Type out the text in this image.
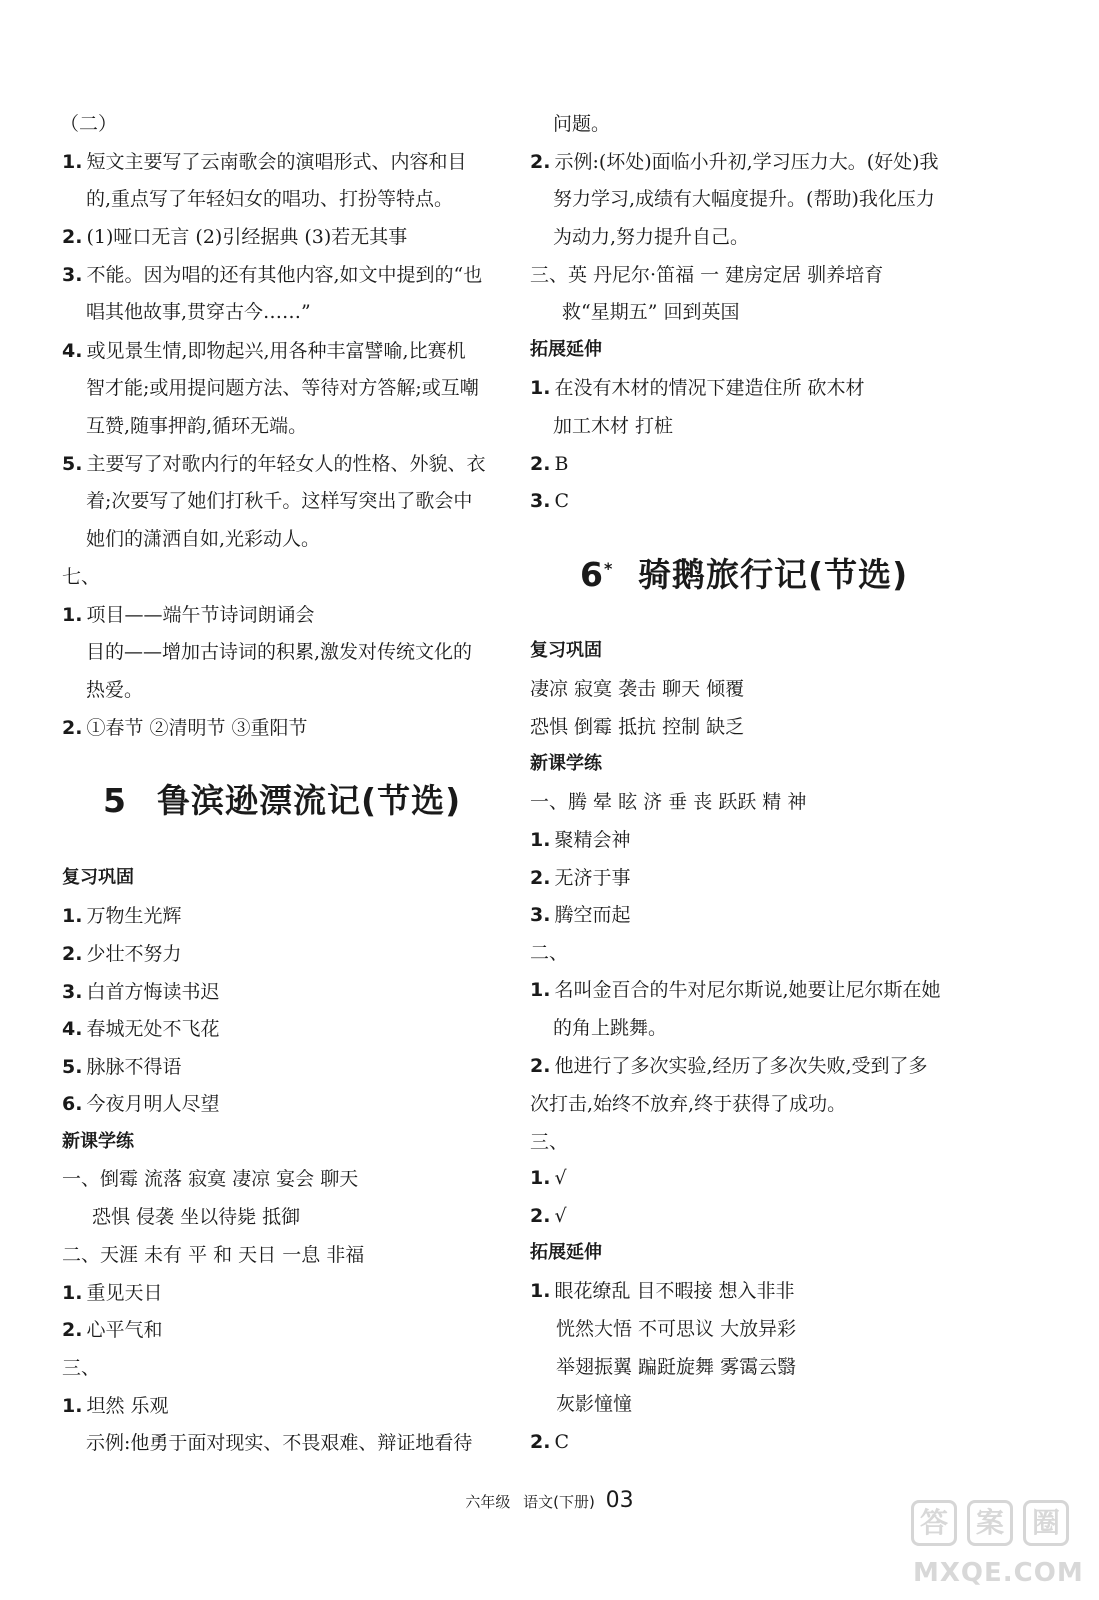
（二）
1. 短文主要写了云南歌会的演唱形式、内容和目
的,重点写了年轻妇女的唱功、打扮等特点。
2. (1)哑口无言 (2)引经据典 (3)若无其事
3. 不能。因为唱的还有其他内容,如文中提到的“也
唱其他故事,贯穿古今……”
4. 或见景生情,即物起兴,用各种丰富譬喻,比赛机
智才能;或用提问题方法、等待对方答解;或互嘲
互赞,随事押韵,循环无端。
5. 主要写了对歌内行的年轻女人的性格、外貌、衣
着;次要写了她们打秋千。这样写突出了歌会中
她们的潇洒自如,光彩动人。
七、
1. 项目——端午节诗词朗诵会
目的——增加古诗词的积累,激发对传统文化的
热爱。
2. ①春节 ②清明节 ③重阳节
5 鲁滨逊漂流记(节选)
复习巩固
1. 万物生光辉
2. 少壮不努力
3. 白首方悔读书迟
4. 春城无处不飞花
5. 脉脉不得语
6. 今夜月明人尽望
新课学练
一、倒霉 流落 寂寞 凄凉 宴会 聊天
恐惧 侵袭 坐以待毙 抵御
二、天涯 未有 平 和 天日 一息 非福
1. 重见天日
2. 心平气和
三、
1. 坦然 乐观
示例:他勇于面对现实、不畏艰难、辩证地看待
问题。
2. 示例:(坏处)面临小升初,学习压力大。(好处)我
努力学习,成绩有大幅度提升。(帮助)我化压力
为动力,努力提升自己。
三、英 丹尼尔·笛福 一 建房定居 驯养培育
救“星期五” 回到英国
拓展延伸
1. 在没有木材的情况下建造住所 砍木材
加工木材 打桩
2. B
3. C
6* 骑鹅旅行记(节选)
复习巩固
凄凉 寂寞 袭击 聊天 倾覆
恐惧 倒霉 抵抗 控制 缺乏
新课学练
一、腾 晕 眩 济 垂 丧 跃跃 精 神
1. 聚精会神
2. 无济于事
3. 腾空而起
二、
1. 名叫金百合的牛对尼尔斯说,她要让尼尔斯在她
的角上跳舞。
2. 他进行了多次实验,经历了多次失败,受到了多
次打击,始终不放弃,终于获得了成功。
三、
1. √
2. √
拓展延伸
1. 眼花缭乱 目不暇接 想入非非
恍然大悟 不可思议 大放异彩
举翅振翼 蹁跹旋舞 雾霭云翳
灰影憧憧
2. C
六年级 语文(下册) 03
答 案 圈
MXQE.COM
